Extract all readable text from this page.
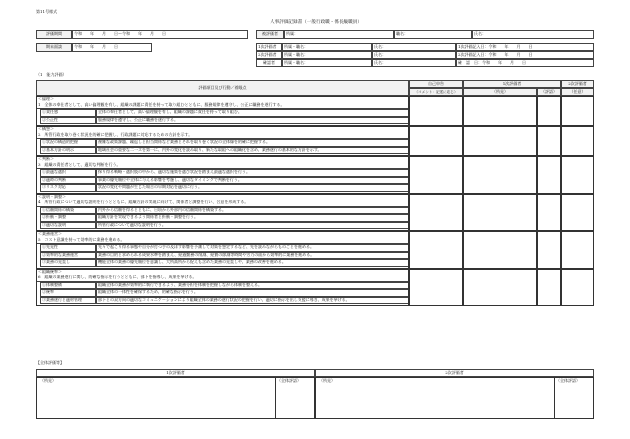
第11号様式
人事評価記録書（一般行政職・係長級職員）
評価期間	令和　　年　　月　　日～令和　　年　　月　　日
期末面談	令和　　年　　月　　日
被評価者	所属：	職名：	氏名：
1次評価者	所属・職名：	氏名：	1次評価記入日：令和　　年　　月　　日
2次評価者	所属・職名：	氏名：	2次評価記入日：令和　　年　　月　　日
確認者	所属・職名：	氏名：	確　認　日：令和　　年　　月　　日
（1　能力評価）
評価項目及び行動／着眼点
自己申告
（コメント：記述に応じ）
1次評価者
（所見）	（評語）
2次評価者
（任意）
＜倫理＞
1　全体の奉仕者として、高い倫理観を有し、組織の課題に責任を持って取り組むとともに、服務規律を遵守し、公正に職務を遂行する。
①責任感	全体の奉仕者として、高い倫理観を有し、組織の課題に責任を持って取り組む。
②公正性	服務規律を遵守し、公正に職務を遂行する。
＜構想＞
2　所管行政を取り巻く状況を的確に把握し、行政課題に対応するための方針を示す。
①状況の構造的把握	複雑な政策課題、繰返しと担当関係など業務とそれを取り巻く状況の全体像を的確に把握する。
②基本方針の明示	地域社会の重要な二一ズを第一に、内外の変化を読み取り、新たな取組への組織化を含め、業務遂行の基本的な方針を示す。
＜判断＞
3　組織の責任者として、適切な判断を行う。
①最適な選択	採り得る戦略・選択肢の中から、適切な施策を選び状況を踏まえ最適な選択を行う。
②適時の判断	事業の優先順位や全体に与える影響を考慮し、適切なタイミングで判断を行う。
③リスク対応	状況の変化や問題が生じた場合の早期対応を適切に行う。
＜説明・調整＞
4　所管行政について適切な説明を行うとともに、組織方針の実現に向けて、関係者と調整を行い、合意を形成する。
①信頼関係の構築	内外から信頼を得るとともに、日頃から外部内の信頼関係を構築する。
②折衝・調整	組織方針を実現できるよう関係者と折衝・調整を行う。
③適切な説明	所管行政について適切な説明を行う。
＜業務運営＞
5　コスト意識を持って効率的に業務を進める。
①先見性	先々で起こり得る事態や自分が打つ手の及ぼす影響を予測して対策を想定するなど、先を読みながらものごとを進める。
②効率的な業務運営	業務の目的と求められる成果水準を踏まえ、経過勤務の削減、経費の節減等時間や労力の面から効率的に業務を進める。
③業務の見直し	機能全体の業務の優先順位を意識し、大所高所から捉えも含めた業務の見直しや、業務の改善を進める。
＜組織統率＞
6　組織の業務遂行に関し、的確な指示を行うとともに、部下を指導し、成果を挙げる。
①体制整備	組織全体の業務が効率的に執行できるよう、業務分担を体制を把握しながら体制を整える。
②統率	組織全体の一体性を確保するため、的確な指示を行う。
③業務遂行と適材管理	部下との双方向の適切なコミュニケーションにより組織全体の業務の遂行状況の把握を行い、適切に指示を出し支援に導き、成果を挙げる。
【全体評価等】
1次評価者	2次評価者
（所見）	（所見）
（全体評語）	（全体評語）
